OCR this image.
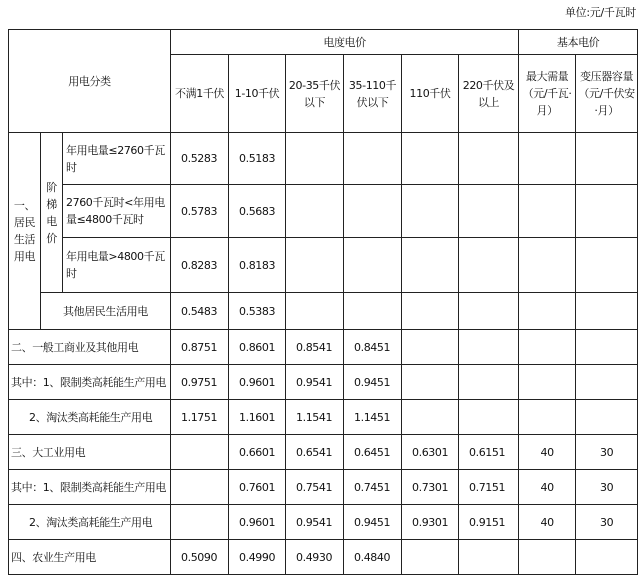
单位:元/千瓦时
用电分类			电度电价						基本电价	
			不满1千伏	1-10千伏	20-35千伏以下	35-110千伏以下	110千伏	220千伏及以上	最大需量（元/千瓦·月）	变压器容量（元/千伏安·月）
一、居民生活用电	阶梯电价	年用电量≤2760千瓦时	0.5283	0.5183						
		2760千瓦时<年用电量≤4800千瓦时	0.5783	0.5683						
		年用电量>4800千瓦时	0.8283	0.8183						
	其他居民生活用电		0.5483	0.5383						
二、一般工商业及其他用电			0.8751	0.8601	0.8541	0.8451				
其中：1、限制类高耗能生产用电			0.9751	0.9601	0.9541	0.9451				
2、淘汰类高耗能生产用电			1.1751	1.1601	1.1541	1.1451				
三、大工业用电				0.6601	0.6541	0.6451	0.6301	0.6151	40	30
其中：1、限制类高耗能生产用电				0.7601	0.7541	0.7451	0.7301	0.7151	40	30
2、淘汰类高耗能生产用电				0.9601	0.9541	0.9451	0.9301	0.9151	40	30
四、农业生产用电			0.5090	0.4990	0.4930	0.4840				
